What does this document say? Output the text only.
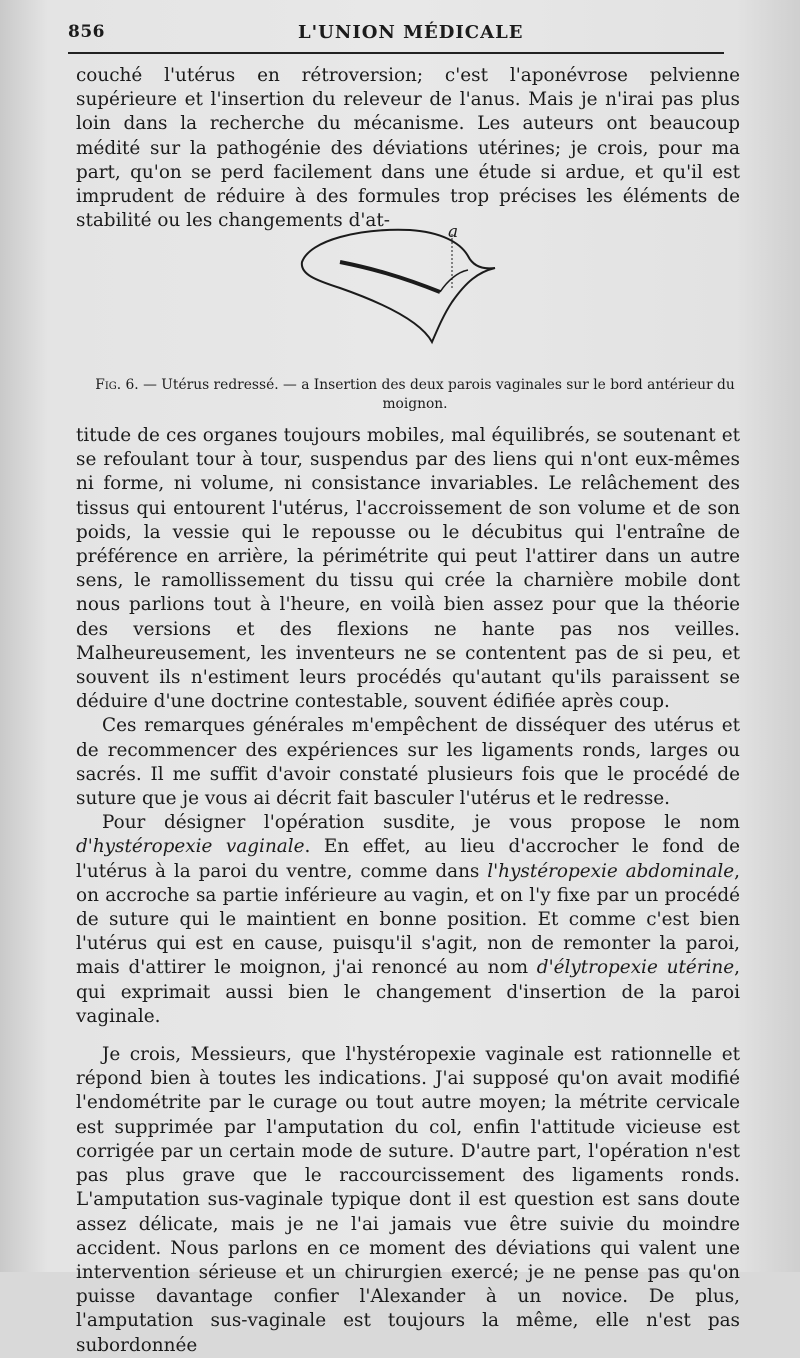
856	L'UNION MÉDICALE

couché l'utérus en rétroversion; c'est l'aponévrose pelvienne supérieure et l'insertion du releveur de l'anus. Mais je n'irai pas plus loin dans la recherche du mécanisme. Les auteurs ont beaucoup médité sur la pathogénie des déviations utérines; je crois, pour ma part, qu'on se perd facilement dans une étude si ardue, et qu'il est imprudent de réduire à des formules trop précises les éléments de stabilité ou les changements d'at-

a
Fig. 6. — Utérus redressé. — a Insertion des deux parois vaginales sur le bord antérieur du moignon.

titude de ces organes toujours mobiles, mal équilibrés, se soutenant et se refoulant tour à tour, suspendus par des liens qui n'ont eux-mêmes ni forme, ni volume, ni consistance invariables. Le relâchement des tissus qui entourent l'utérus, l'accroissement de son volume et de son poids, la vessie qui le repousse ou le décubitus qui l'entraîne de préférence en arrière, la périmétrite qui peut l'attirer dans un autre sens, le ramollissement du tissu qui crée la charnière mobile dont nous parlions tout à l'heure, en voilà bien assez pour que la théorie des versions et des flexions ne hante pas nos veilles. Malheureusement, les inventeurs ne se contentent pas de si peu, et souvent ils n'estiment leurs procédés qu'autant qu'ils paraissent se déduire d'une doctrine contestable, souvent édifiée après coup.

Ces remarques générales m'empêchent de disséquer des utérus et de recommencer des expériences sur les ligaments ronds, larges ou sacrés. Il me suffit d'avoir constaté plusieurs fois que le procédé de suture que je vous ai décrit fait basculer l'utérus et le redresse.

Pour désigner l'opération susdite, je vous propose le nom d'hystéropexie vaginale. En effet, au lieu d'accrocher le fond de l'utérus à la paroi du ventre, comme dans l'hystéropexie abdominale, on accroche sa partie inférieure au vagin, et on l'y fixe par un procédé de suture qui le maintient en bonne position. Et comme c'est bien l'utérus qui est en cause, puisqu'il s'agit, non de remonter la paroi, mais d'attirer le moignon, j'ai renoncé au nom d'élytropexie utérine, qui exprimait aussi bien le changement d'insertion de la paroi vaginale.

Je crois, Messieurs, que l'hystéropexie vaginale est rationnelle et répond bien à toutes les indications. J'ai supposé qu'on avait modifié l'endométrite par le curage ou tout autre moyen; la métrite cervicale est supprimée par l'amputation du col, enfin l'attitude vicieuse est corrigée par un certain mode de suture. D'autre part, l'opération n'est pas plus grave que le raccourcissement des ligaments ronds. L'amputation sus-vaginale typique dont il est question est sans doute assez délicate, mais je ne l'ai jamais vue être suivie du moindre accident. Nous parlons en ce moment des déviations qui valent une intervention sérieuse et un chirurgien exercé; je ne pense pas qu'on puisse davantage confier l'Alexander à un novice. De plus, l'amputation sus-vaginale est toujours la même, elle n'est pas subordonnée
